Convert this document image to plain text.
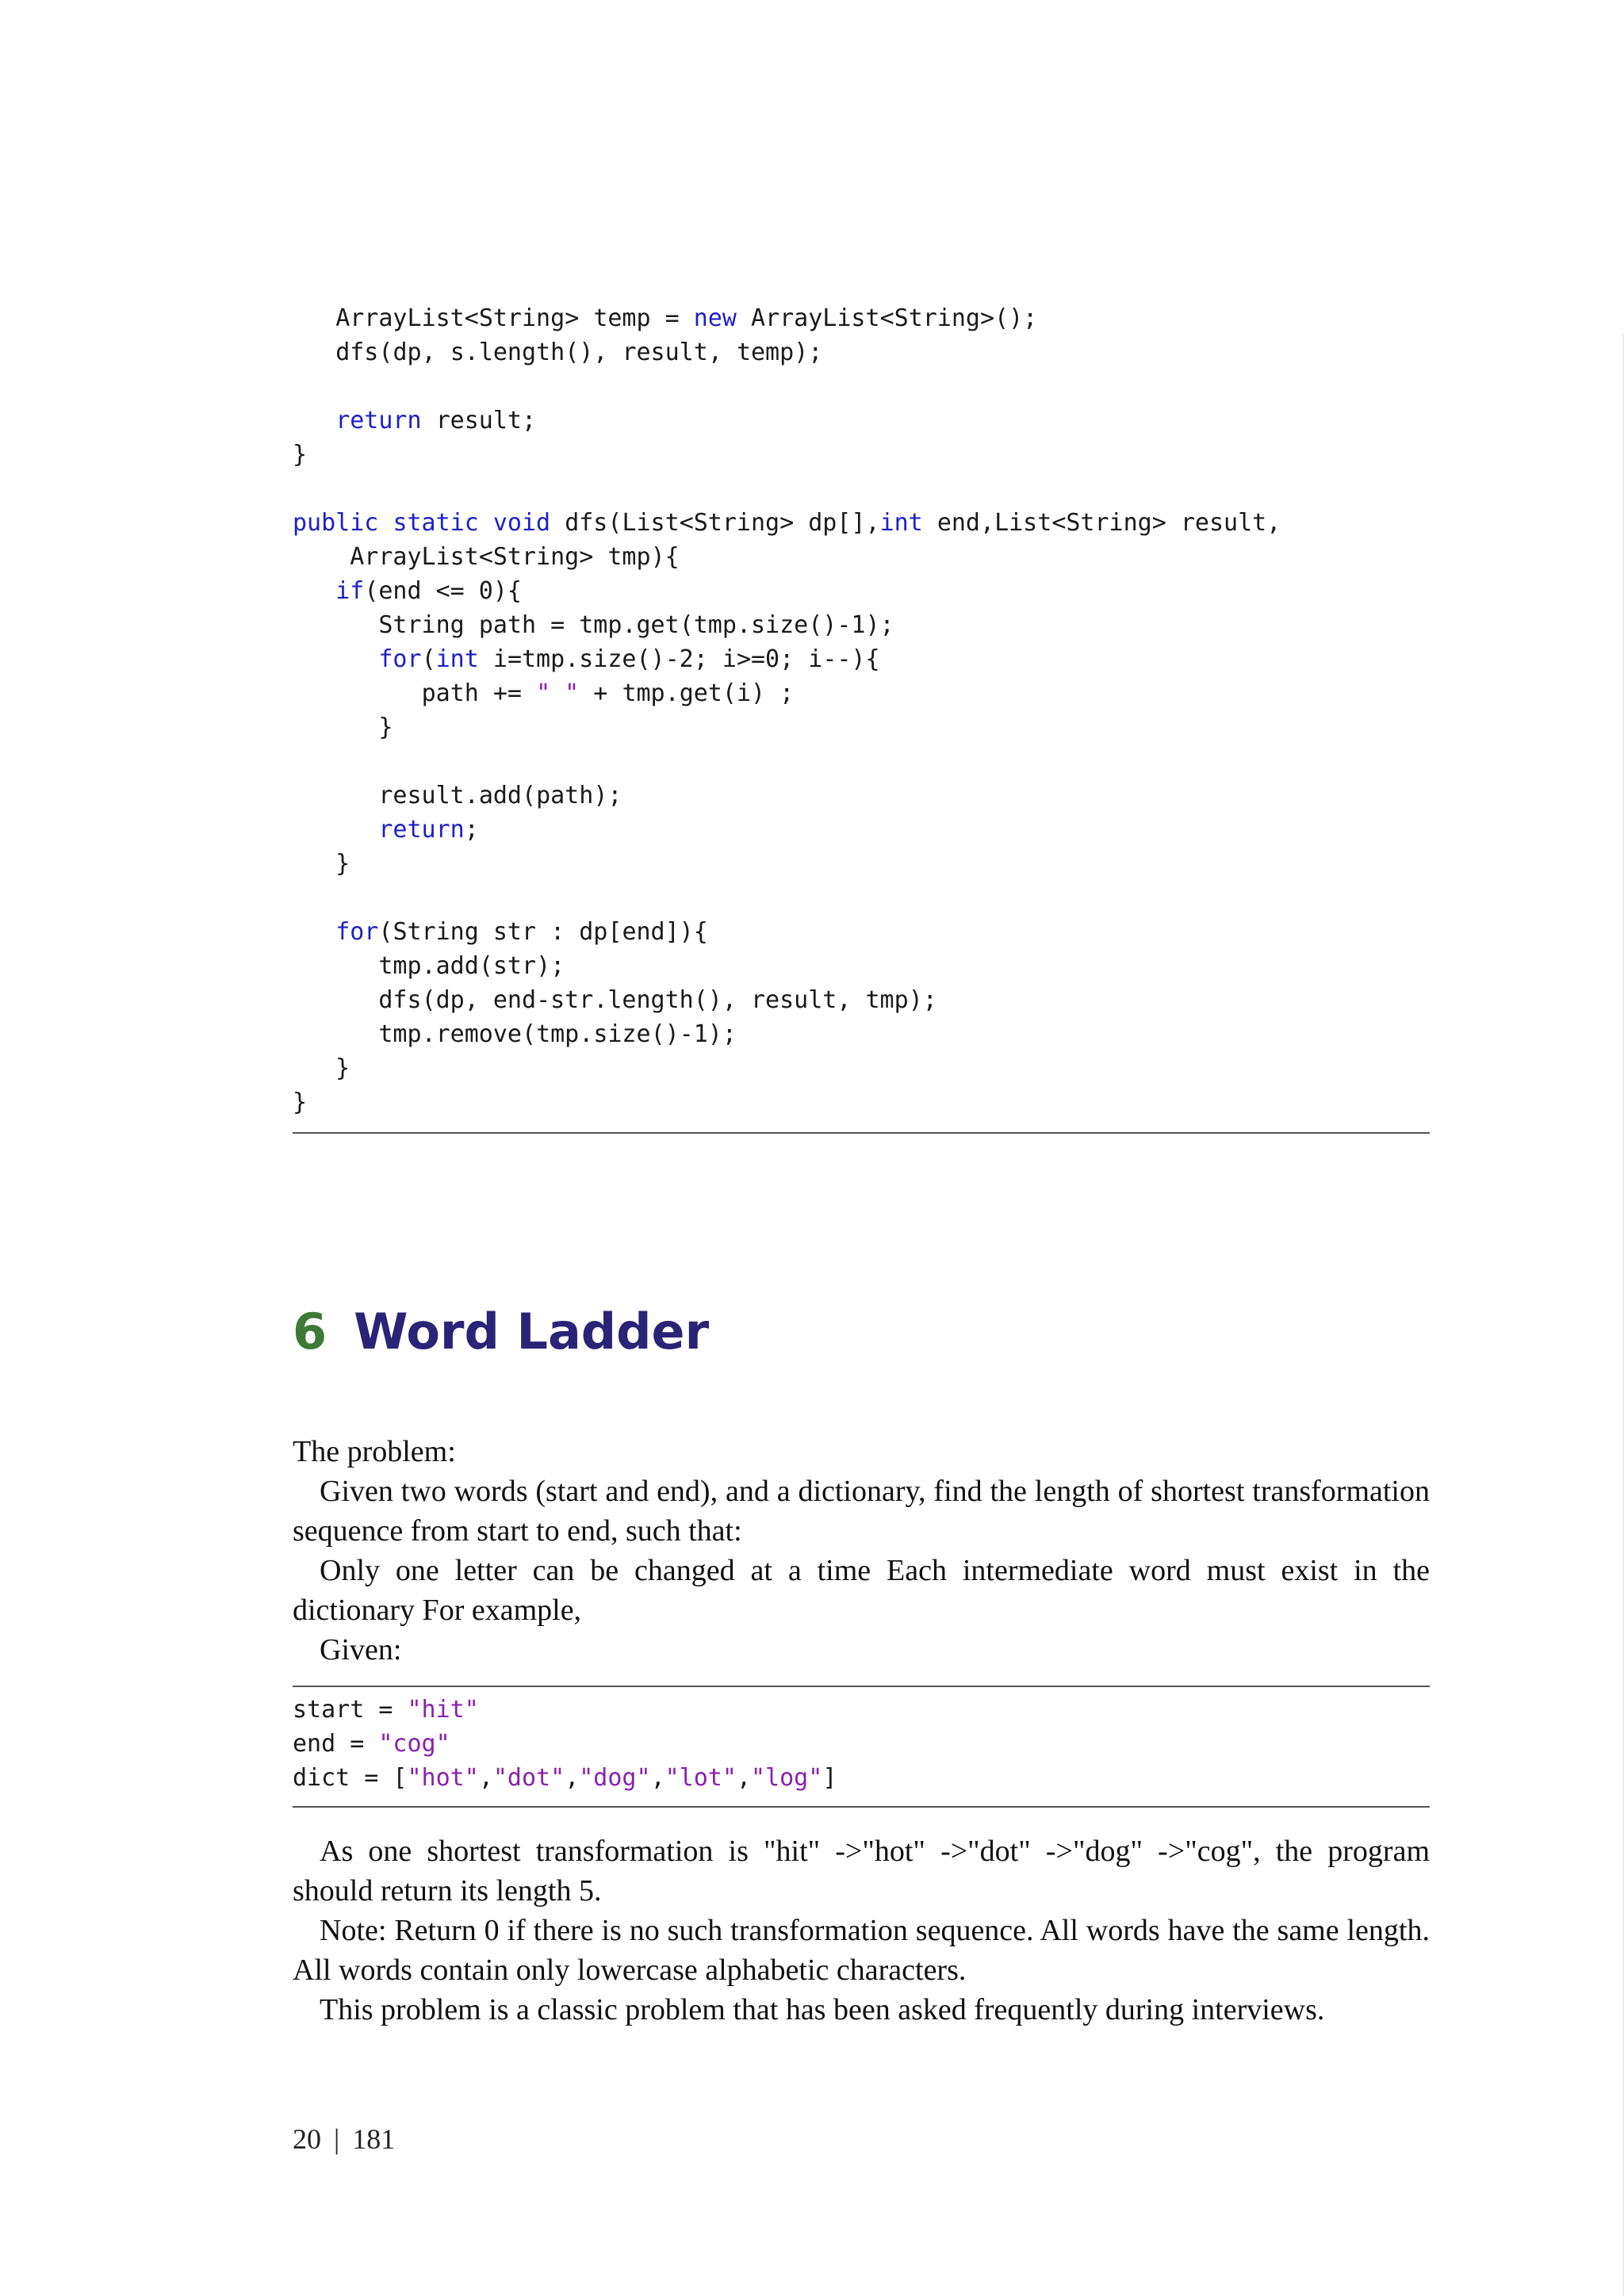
ArrayList<String> temp = new ArrayList<String>();
dfs(dp, s.length(), result, temp);

return result;
}

public static void dfs(List<String> dp[],int end,List<String> result,
ArrayList<String> tmp){
if(end <= 0){
String path = tmp.get(tmp.size()-1);
for(int i=tmp.size()-2; i>=0; i--){
path += " " + tmp.get(i) ;
}

result.add(path);
return;
}

for(String str : dp[end]){
tmp.add(str);
dfs(dp, end-str.length(), result, tmp);
tmp.remove(tmp.size()-1);
}
}
6 Word Ladder

The problem:

Given two words (start and end), and a dictionary, find the length of shortest transformation sequence from start to end, such that:

Only one letter can be changed at a time Each intermediate word must exist in the dictionary For example,

Given:

start = "hit"
end = "cog"
dict = ["hot","dot","dog","lot","log"]

As one shortest transformation is "hit" ->"hot" ->"dot" ->"dog" ->"cog", the program should return its length 5.

Note: Return 0 if there is no such transformation sequence. All words have the same length. All words contain only lowercase alphabetic characters.

This problem is a classic problem that has been asked frequently during interviews.

20 | 181
